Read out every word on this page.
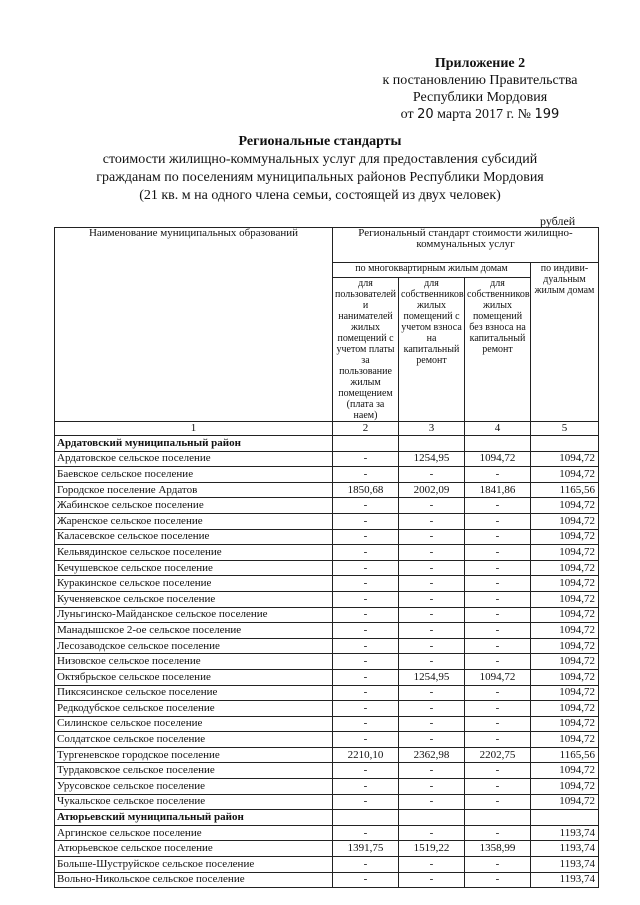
Приложение 2
к постановлению Правительства
Республики Мордовия
от 20 марта 2017 г. № 199
Региональные стандарты
стоимости жилищно-коммунальных услуг для предоставления субсидий
гражданам по поселениям муниципальных районов Республики Мордовия
(21 кв. м на одного члена семьи, состоящей из двух человек)
рублей
Наименование муниципальных образований	Региональный стандарт стоимости жилищно-коммунальных услуг			
	по многоквартирным жилым домам			по индиви-дуальным жилым домам
	для пользователей и нанимателей жилых помещений с учетом платы за пользование жилым помещением (плата за наем)	для собственников жилых помещений с учетом взноса на капитальный ремонт	для собственников жилых помещений без взноса на капитальный ремонт	
1	2	3	4	5
Ардатовский муниципальный район				
Ардатовское сельское поселение	-	1254,95	1094,72	1094,72
Баевское сельское поселение	-	-	-	1094,72
Городское поселение Ардатов	1850,68	2002,09	1841,86	1165,56
Жабинское сельское поселение	-	-	-	1094,72
Жаренское сельское поселение	-	-	-	1094,72
Каласевское сельское поселение	-	-	-	1094,72
Кельвядинское сельское поселение	-	-	-	1094,72
Кечушевское сельское поселение	-	-	-	1094,72
Куракинское сельское поселение	-	-	-	1094,72
Кученяевское сельское поселение	-	-	-	1094,72
Луньгинско-Майданское сельское поселение	-	-	-	1094,72
Манадышское 2-ое сельское поселение	-	-	-	1094,72
Лесозаводское сельское поселение	-	-	-	1094,72
Низовское сельское поселение	-	-	-	1094,72
Октябрьское сельское поселение	-	1254,95	1094,72	1094,72
Пиксясинское сельское поселение	-	-	-	1094,72
Редкодубское сельское поселение	-	-	-	1094,72
Силинское сельское поселение	-	-	-	1094,72
Солдатское сельское поселение	-	-	-	1094,72
Тургеневское городское поселение	2210,10	2362,98	2202,75	1165,56
Турдаковское сельское поселение	-	-	-	1094,72
Урусовское сельское поселение	-	-	-	1094,72
Чукальское сельское поселение	-	-	-	1094,72
Атюрьевский муниципальный район				
Аргинское сельское поселение	-	-	-	1193,74
Атюрьевское сельское поселение	1391,75	1519,22	1358,99	1193,74
Больше-Шуструйское сельское поселение	-	-	-	1193,74
Вольно-Никольское сельское поселение	-	-	-	1193,74
